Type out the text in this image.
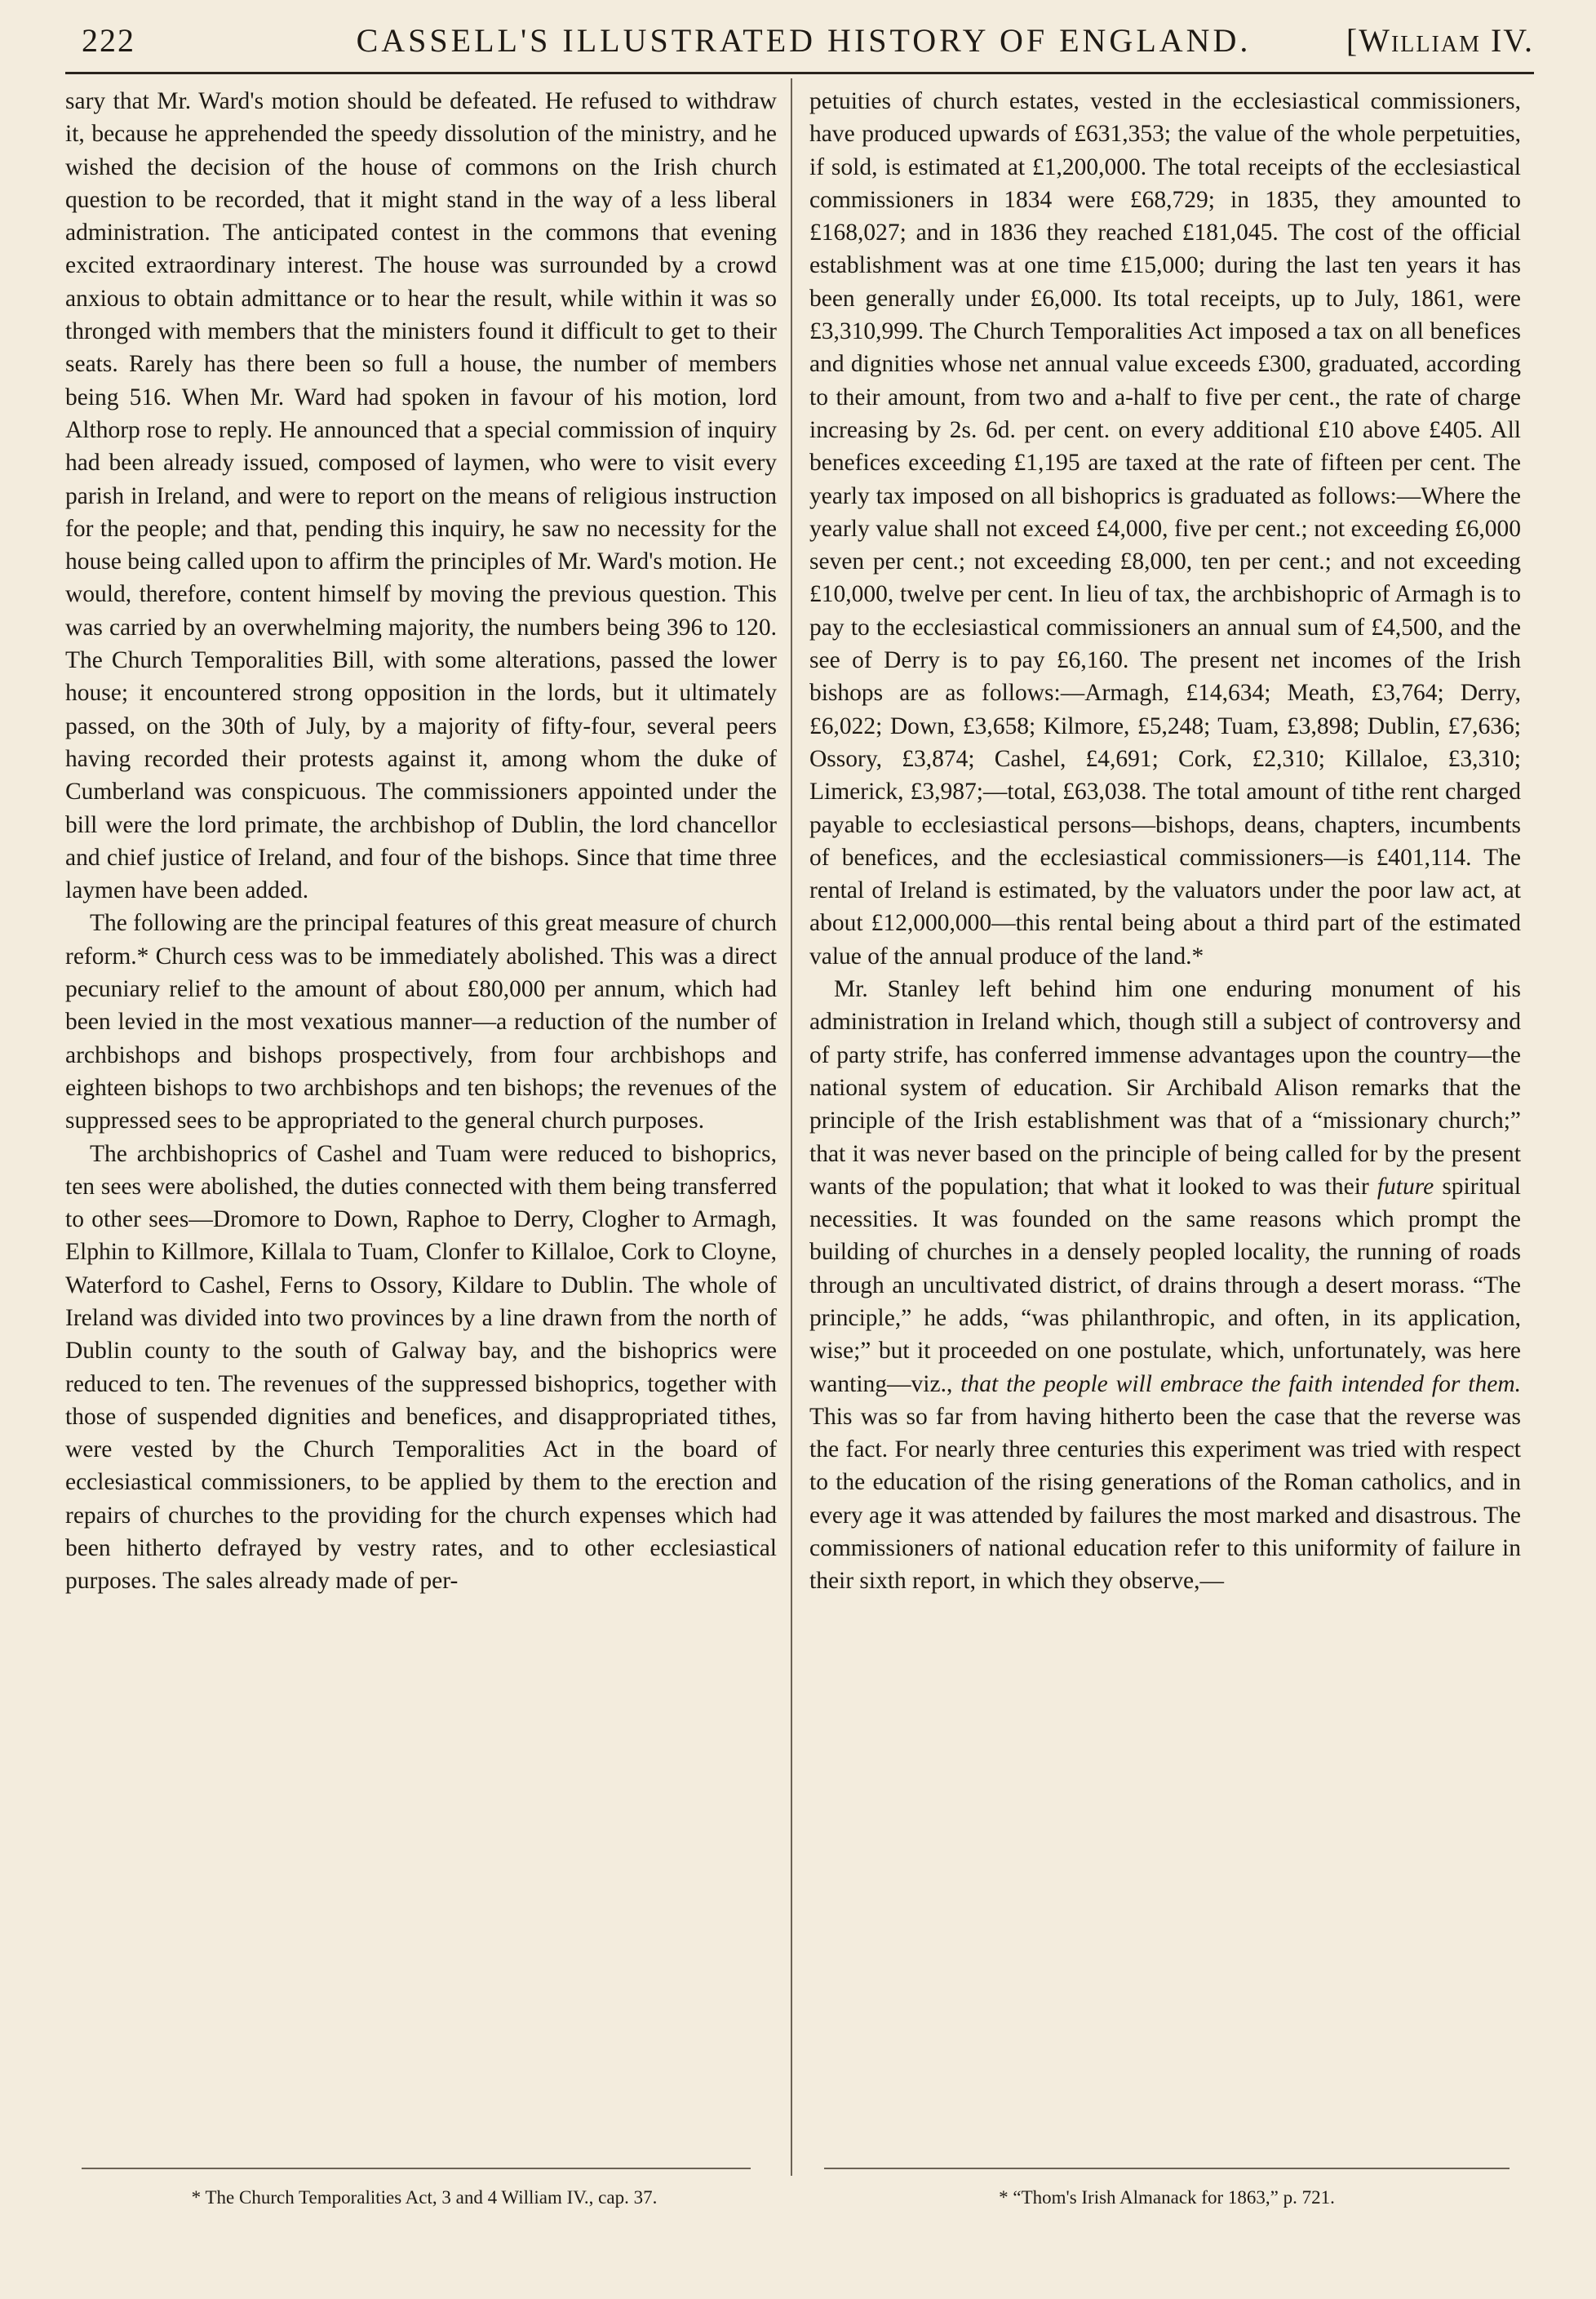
222	CASSELL'S ILLUSTRATED HISTORY OF ENGLAND.	[William IV.

sary that Mr. Ward's motion should be defeated. He refused to withdraw it, because he apprehended the speedy dissolution of the ministry, and he wished the decision of the house of commons on the Irish church question to be recorded, that it might stand in the way of a less liberal administration. The anticipated contest in the commons that evening excited extraordinary interest. The house was surrounded by a crowd anxious to obtain admittance or to hear the result, while within it was so thronged with members that the ministers found it difficult to get to their seats. Rarely has there been so full a house, the number of members being 516. When Mr. Ward had spoken in favour of his motion, lord Althorp rose to reply. He announced that a special commission of inquiry had been already issued, composed of laymen, who were to visit every parish in Ireland, and were to report on the means of religious instruction for the people; and that, pending this inquiry, he saw no necessity for the house being called upon to affirm the principles of Mr. Ward's motion. He would, therefore, content himself by moving the previous question. This was carried by an overwhelming majority, the numbers being 396 to 120. The Church Temporalities Bill, with some alterations, passed the lower house; it encountered strong opposition in the lords, but it ultimately passed, on the 30th of July, by a majority of fifty-four, several peers having recorded their protests against it, among whom the duke of Cumberland was conspicuous. The commissioners appointed under the bill were the lord primate, the archbishop of Dublin, the lord chancellor and chief justice of Ireland, and four of the bishops. Since that time three laymen have been added.

The following are the principal features of this great measure of church reform.* Church cess was to be immediately abolished. This was a direct pecuniary relief to the amount of about £80,000 per annum, which had been levied in the most vexatious manner—a reduction of the number of archbishops and bishops prospectively, from four archbishops and eighteen bishops to two archbishops and ten bishops; the revenues of the suppressed sees to be appropriated to the general church purposes.

The archbishoprics of Cashel and Tuam were reduced to bishoprics, ten sees were abolished, the duties connected with them being transferred to other sees—Dromore to Down, Raphoe to Derry, Clogher to Armagh, Elphin to Killmore, Killala to Tuam, Clonfer to Killaloe, Cork to Cloyne, Waterford to Cashel, Ferns to Ossory, Kildare to Dublin. The whole of Ireland was divided into two provinces by a line drawn from the north of Dublin county to the south of Galway bay, and the bishoprics were reduced to ten. The revenues of the suppressed bishoprics, together with those of suspended dignities and benefices, and disappropriated tithes, were vested by the Church Temporalities Act in the board of ecclesiastical commissioners, to be applied by them to the erection and repairs of churches to the providing for the church expenses which had been hitherto defrayed by vestry rates, and to other ecclesiastical purposes. The sales already made of per-

petuities of church estates, vested in the ecclesiastical commissioners, have produced upwards of £631,353; the value of the whole perpetuities, if sold, is estimated at £1,200,000. The total receipts of the ecclesiastical commissioners in 1834 were £68,729; in 1835, they amounted to £168,027; and in 1836 they reached £181,045. The cost of the official establishment was at one time £15,000; during the last ten years it has been generally under £6,000. Its total receipts, up to July, 1861, were £3,310,999. The Church Temporalities Act imposed a tax on all benefices and dignities whose net annual value exceeds £300, graduated, according to their amount, from two and a-half to five per cent., the rate of charge increasing by 2s. 6d. per cent. on every additional £10 above £405. All benefices exceeding £1,195 are taxed at the rate of fifteen per cent. The yearly tax imposed on all bishoprics is graduated as follows:—Where the yearly value shall not exceed £4,000, five per cent.; not exceeding £6,000 seven per cent.; not exceeding £8,000, ten per cent.; and not exceeding £10,000, twelve per cent. In lieu of tax, the archbishopric of Armagh is to pay to the ecclesiastical commissioners an annual sum of £4,500, and the see of Derry is to pay £6,160. The present net incomes of the Irish bishops are as follows:—Armagh, £14,634; Meath, £3,764; Derry, £6,022; Down, £3,658; Kilmore, £5,248; Tuam, £3,898; Dublin, £7,636; Ossory, £3,874; Cashel, £4,691; Cork, £2,310; Killaloe, £3,310; Limerick, £3,987;—total, £63,038. The total amount of tithe rent charged payable to ecclesiastical persons—bishops, deans, chapters, incumbents of benefices, and the ecclesiastical commissioners—is £401,114. The rental of Ireland is estimated, by the valuators under the poor law act, at about £12,000,000—this rental being about a third part of the estimated value of the annual produce of the land.*

Mr. Stanley left behind him one enduring monument of his administration in Ireland which, though still a subject of controversy and of party strife, has conferred immense advantages upon the country—the national system of education. Sir Archibald Alison remarks that the principle of the Irish establishment was that of a “missionary church;” that it was never based on the principle of being called for by the present wants of the population; that what it looked to was their future spiritual necessities. It was founded on the same reasons which prompt the building of churches in a densely peopled locality, the running of roads through an uncultivated district, of drains through a desert morass. “The principle,” he adds, “was philanthropic, and often, in its application, wise;” but it proceeded on one postulate, which, unfortunately, was here wanting—viz., that the people will embrace the faith intended for them. This was so far from having hitherto been the case that the reverse was the fact. For nearly three centuries this experiment was tried with respect to the education of the rising generations of the Roman catholics, and in every age it was attended by failures the most marked and disastrous. The commissioners of national education refer to this uniformity of failure in their sixth report, in which they observe,—

* The Church Temporalities Act, 3 and 4 William IV., cap. 37.	* “Thom's Irish Almanack for 1863,” p. 721.
